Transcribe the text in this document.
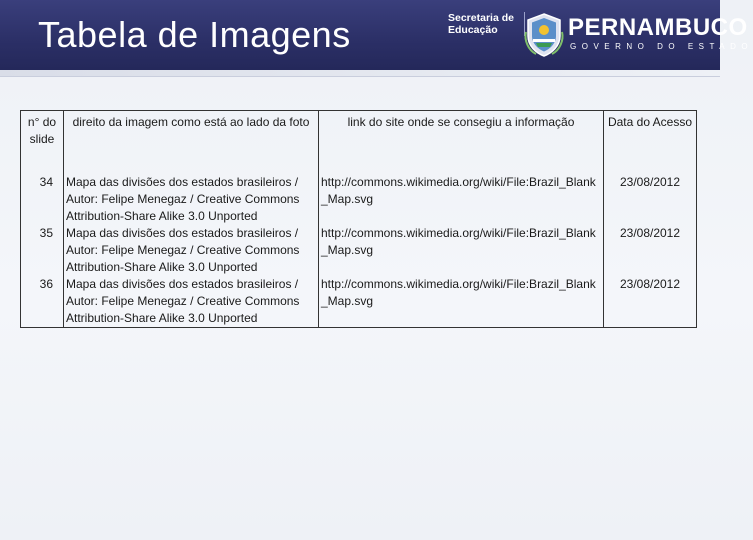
Tabela de Imagens	Secretaria de
Educação	PERNAMBUCO
GOVERNO DO ESTADO
n° do slide	direito da imagem como está ao lado da foto	link do site onde se consegiu a informação	Data do Acesso
34	Mapa das divisões dos estados brasileiros / Autor: Felipe Menegaz / Creative Commons Attribution-Share Alike 3.0 Unported	http://commons.wikimedia.org/wiki/File:Brazil_Blank_Map.svg	23/08/2012
35	Mapa das divisões dos estados brasileiros / Autor: Felipe Menegaz / Creative Commons Attribution-Share Alike 3.0 Unported	http://commons.wikimedia.org/wiki/File:Brazil_Blank_Map.svg	23/08/2012
36	Mapa das divisões dos estados brasileiros / Autor: Felipe Menegaz / Creative Commons Attribution-Share Alike 3.0 Unported	http://commons.wikimedia.org/wiki/File:Brazil_Blank_Map.svg	23/08/2012
